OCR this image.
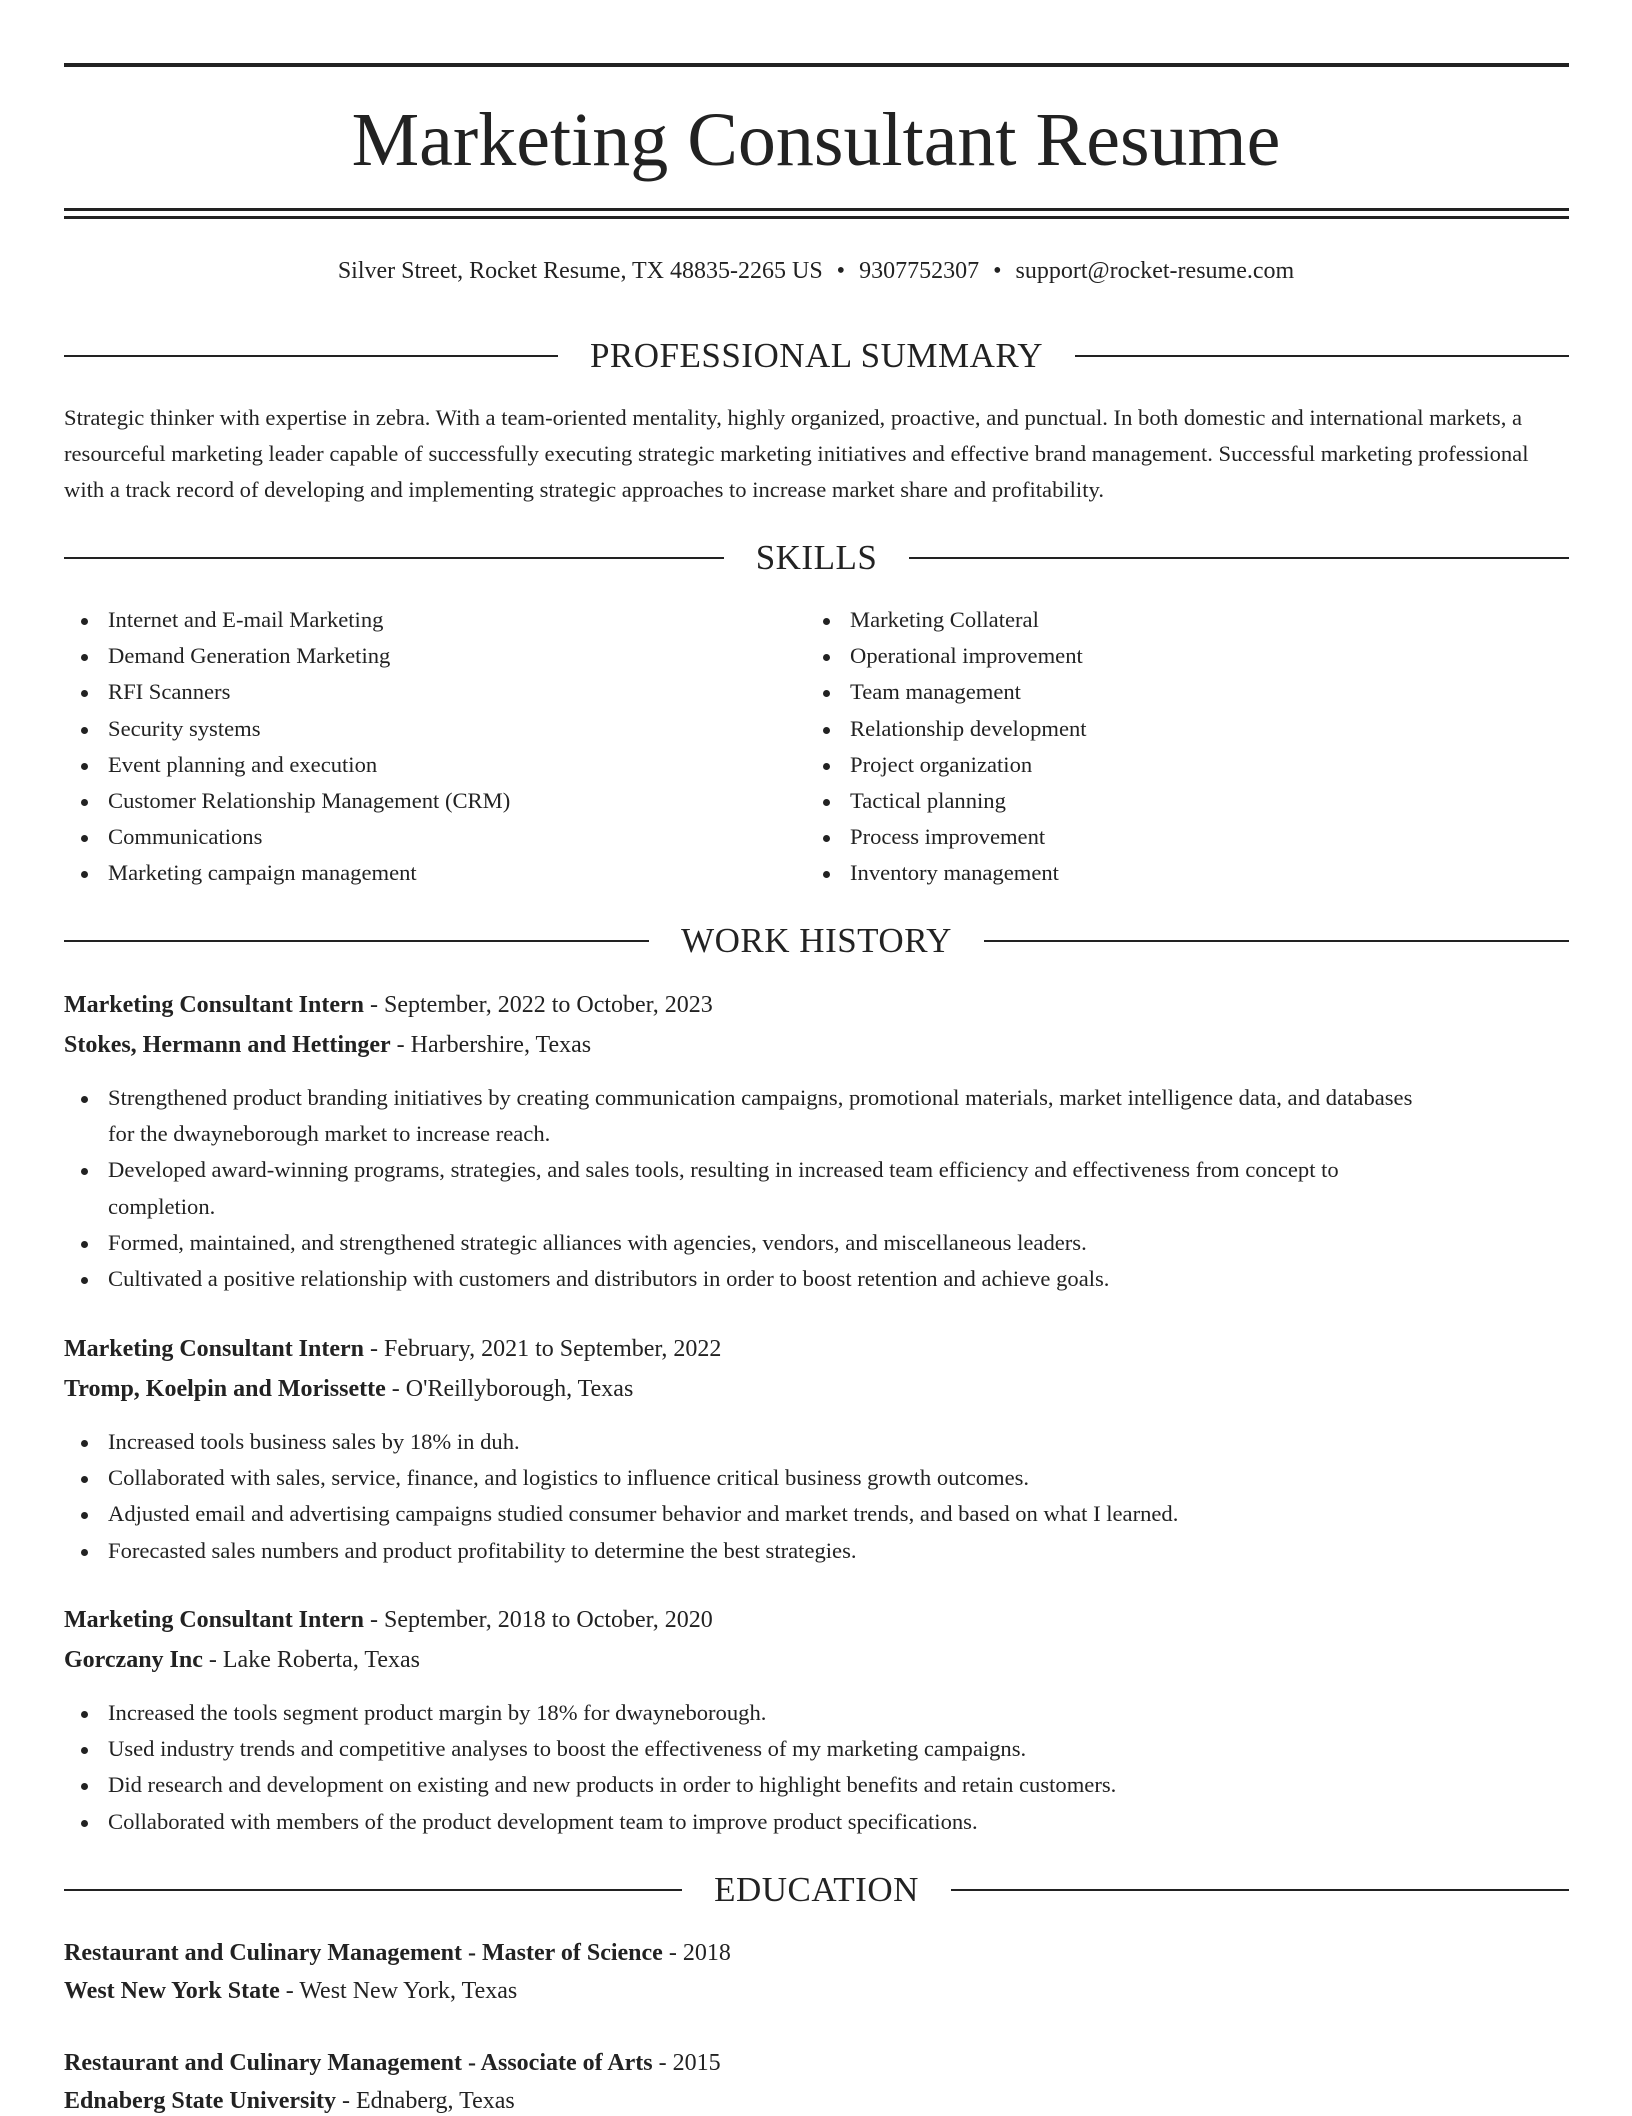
Marketing Consultant Resume
Silver Street, Rocket Resume, TX 48835-2265 US • 9307752307 • support@rocket-resume.com
PROFESSIONAL SUMMARY

Strategic thinker with expertise in zebra. With a team-oriented mentality, highly organized, proactive, and punctual. In both domestic and international markets, a resourceful marketing leader capable of successfully executing strategic marketing initiatives and effective brand management. Successful marketing professional with a track record of developing and implementing strategic approaches to increase market share and profitability.

SKILLS
Internet and E-mail Marketing
Demand Generation Marketing
RFI Scanners
Security systems
Event planning and execution
Customer Relationship Management (CRM)
Communications
Marketing campaign management
Marketing Collateral
Operational improvement
Team management
Relationship development
Project organization
Tactical planning
Process improvement
Inventory management
WORK HISTORY
Marketing Consultant Intern - September, 2022 to October, 2023
Stokes, Hermann and Hettinger - Harbershire, Texas
Strengthened product branding initiatives by creating communication campaigns, promotional materials, market intelligence data, and databases
for the dwayneborough market to increase reach.
Developed award-winning programs, strategies, and sales tools, resulting in increased team efficiency and effectiveness from concept to
completion.
Formed, maintained, and strengthened strategic alliances with agencies, vendors, and miscellaneous leaders.
Cultivated a positive relationship with customers and distributors in order to boost retention and achieve goals.
Marketing Consultant Intern - February, 2021 to September, 2022
Tromp, Koelpin and Morissette - O'Reillyborough, Texas
Increased tools business sales by 18% in duh.
Collaborated with sales, service, finance, and logistics to influence critical business growth outcomes.
Adjusted email and advertising campaigns studied consumer behavior and market trends, and based on what I learned.
Forecasted sales numbers and product profitability to determine the best strategies.
Marketing Consultant Intern - September, 2018 to October, 2020
Gorczany Inc - Lake Roberta, Texas
Increased the tools segment product margin by 18% for dwayneborough.
Used industry trends and competitive analyses to boost the effectiveness of my marketing campaigns.
Did research and development on existing and new products in order to highlight benefits and retain customers.
Collaborated with members of the product development team to improve product specifications.
EDUCATION
Restaurant and Culinary Management - Master of Science - 2018
West New York State - West New York, Texas
Restaurant and Culinary Management - Associate of Arts - 2015
Ednaberg State University - Ednaberg, Texas
